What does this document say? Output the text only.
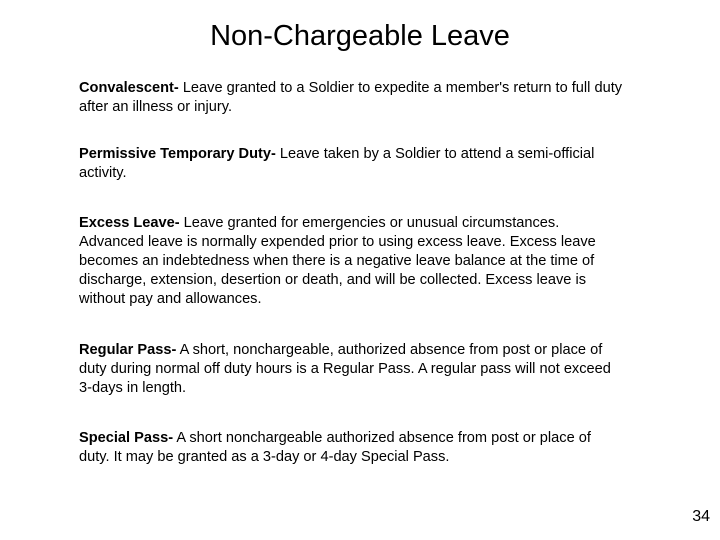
Non-Chargeable Leave

Convalescent- Leave granted to a Soldier to expedite a member's return to full duty after an illness or injury.

Permissive Temporary Duty- Leave taken by a Soldier to attend a semi-official activity.

Excess Leave- Leave granted for emergencies or unusual circumstances. Advanced leave is normally expended prior to using excess leave. Excess leave becomes an indebtedness when there is a negative leave balance at the time of discharge, extension, desertion or death, and will be collected. Excess leave is without pay and allowances.

Regular Pass- A short, nonchargeable, authorized absence from post or place of duty during normal off duty hours is a Regular Pass. A regular pass will not exceed 3-days in length.

Special Pass- A short nonchargeable authorized absence from post or place of duty. It may be granted as a 3-day or 4-day Special Pass.

34
